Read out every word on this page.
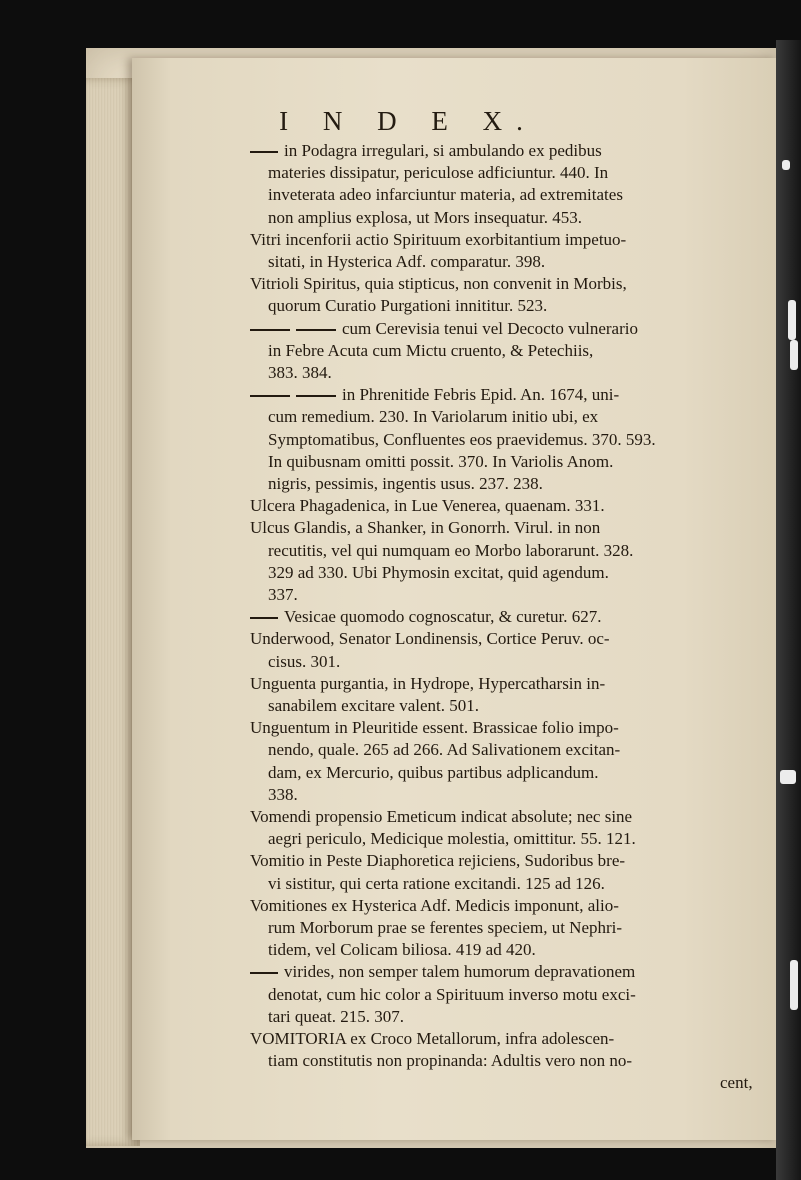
I N D E X.
in Podagra irregulari, si ambulando ex pedibus
materies dissipatur, periculose adficiuntur. 440. In
inveterata adeo infarciuntur materia, ad extremitates
non amplius explosa, ut Mors insequatur. 453.
Vitri incenforii actio Spirituum exorbitantium impetuo-
sitati, in Hysterica Adf. comparatur. 398.
Vitrioli Spiritus, quia stipticus, non convenit in Morbis,
quorum Curatio Purgationi innititur. 523.
cum Cerevisia tenui vel Decocto vulnerario
in Febre Acuta cum Mictu cruento, & Petechiis,
383. 384.
in Phrenitide Febris Epid. An. 1674, uni-
cum remedium. 230. In Variolarum initio ubi, ex
Symptomatibus, Confluentes eos praevidemus. 370. 593.
In quibusnam omitti possit. 370. In Variolis Anom.
nigris, pessimis, ingentis usus. 237. 238.
Ulcera Phagadenica, in Lue Venerea, quaenam. 331.
Ulcus Glandis, a Shanker, in Gonorrh. Virul. in non
recutitis, vel qui numquam eo Morbo laborarunt. 328.
329 ad 330. Ubi Phymosin excitat, quid agendum.
337.
Vesicae quomodo cognoscatur, & curetur. 627.
Underwood, Senator Londinensis, Cortice Peruv. oc-
cisus. 301.
Unguenta purgantia, in Hydrope, Hypercatharsin in-
sanabilem excitare valent. 501.
Unguentum in Pleuritide essent. Brassicae folio impo-
nendo, quale. 265 ad 266. Ad Salivationem excitan-
dam, ex Mercurio, quibus partibus adplicandum.
338.
Vomendi propensio Emeticum indicat absolute; nec sine
aegri periculo, Medicique molestia, omittitur. 55. 121.
Vomitio in Peste Diaphoretica rejiciens, Sudoribus bre-
vi sistitur, qui certa ratione excitandi. 125 ad 126.
Vomitiones ex Hysterica Adf. Medicis imponunt, alio-
rum Morborum prae se ferentes speciem, ut Nephri-
tidem, vel Colicam biliosa. 419 ad 420.
virides, non semper talem humorum depravationem
denotat, cum hic color a Spirituum inverso motu exci-
tari queat. 215. 307.
VOMITORIA ex Croco Metallorum, infra adolescen-
tiam constitutis non propinanda: Adultis vero non no-
cent,
